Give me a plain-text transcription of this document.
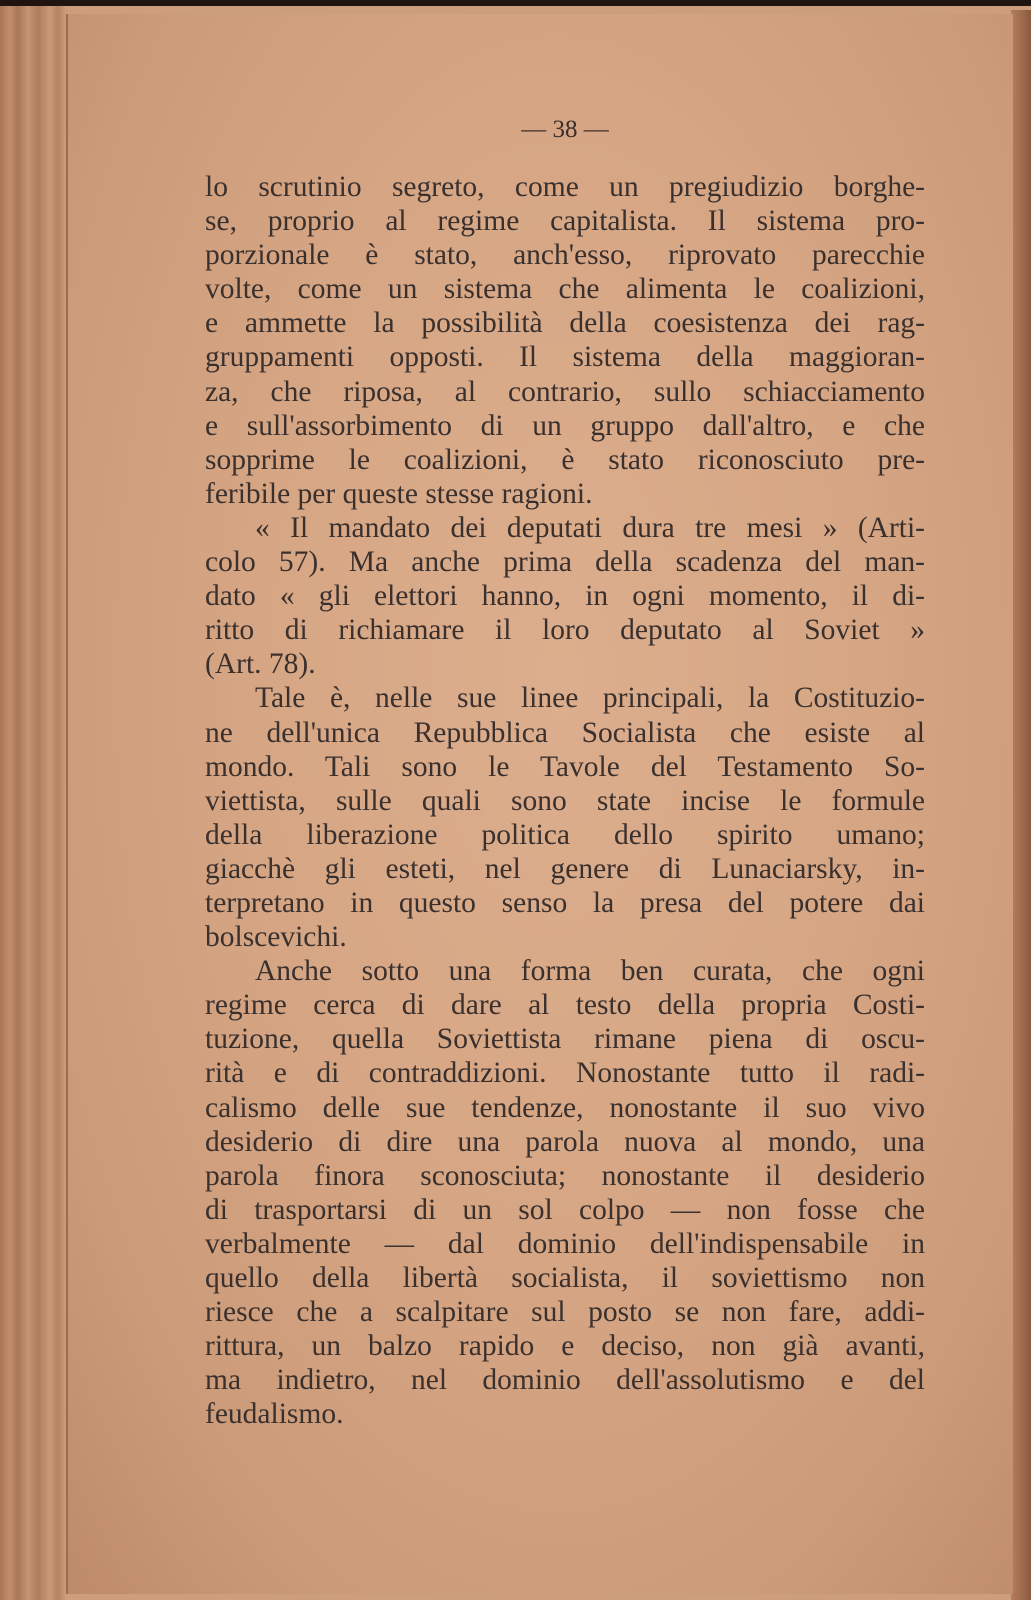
— 38 —
lo scrutinio segreto, come un pregiudizio borghe-
se, proprio al regime capitalista. Il sistema pro-
porzionale è stato, anch'esso, riprovato parecchie
volte, come un sistema che alimenta le coalizioni,
e ammette la possibilità della coesistenza dei rag-
gruppamenti opposti. Il sistema della maggioran-
za, che riposa, al contrario, sullo schiacciamento
e sull'assorbimento di un gruppo dall'altro, e che
sopprime le coalizioni, è stato riconosciuto pre-
feribile per queste stesse ragioni.
« Il mandato dei deputati dura tre mesi » (Arti-
colo 57). Ma anche prima della scadenza del man-
dato « gli elettori hanno, in ogni momento, il di-
ritto di richiamare il loro deputato al Soviet »
(Art. 78).
Tale è, nelle sue linee principali, la Costituzio-
ne dell'unica Repubblica Socialista che esiste al
mondo. Tali sono le Tavole del Testamento So-
viettista, sulle quali sono state incise le formule
della liberazione politica dello spirito umano;
giacchè gli esteti, nel genere di Lunaciarsky, in-
terpretano in questo senso la presa del potere dai
bolscevichi.
Anche sotto una forma ben curata, che ogni
regime cerca di dare al testo della propria Costi-
tuzione, quella Soviettista rimane piena di oscu-
rità e di contraddizioni. Nonostante tutto il radi-
calismo delle sue tendenze, nonostante il suo vivo
desiderio di dire una parola nuova al mondo, una
parola finora sconosciuta; nonostante il desiderio
di trasportarsi di un sol colpo — non fosse che
verbalmente — dal dominio dell'indispensabile in
quello della libertà socialista, il soviettismo non
riesce che a scalpitare sul posto se non fare, addi-
rittura, un balzo rapido e deciso, non già avanti,
ma indietro, nel dominio dell'assolutismo e del
feudalismo.
